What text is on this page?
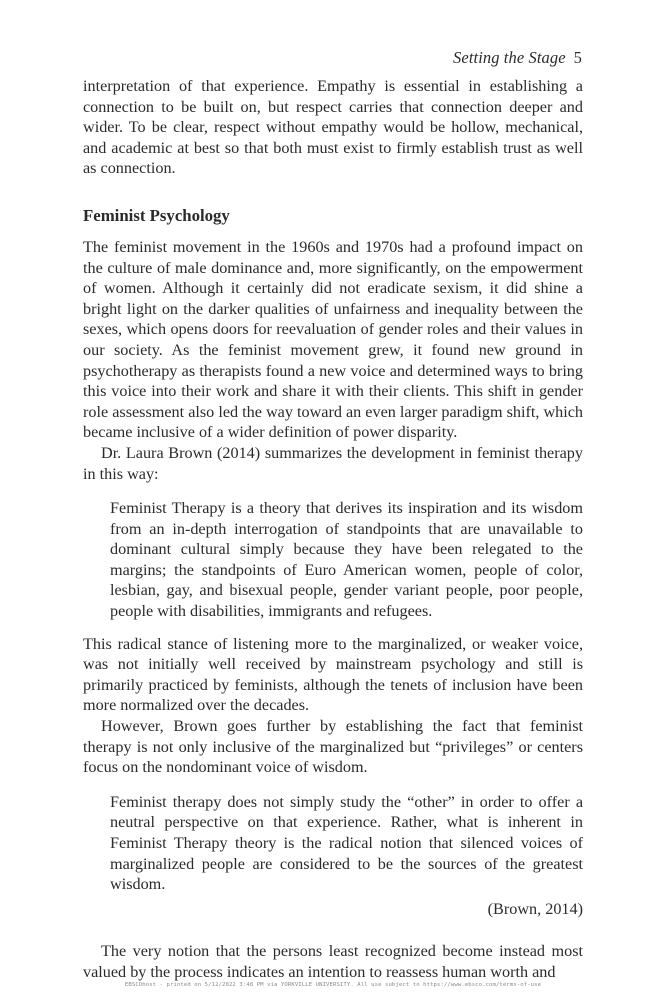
Setting the Stage 5

interpretation of that experience. Empathy is essential in establishing a connection to be built on, but respect carries that connection deeper and wider. To be clear, respect without empathy would be hollow, mechanical, and academic at best so that both must exist to firmly establish trust as well as connection.

Feminist Psychology

The feminist movement in the 1960s and 1970s had a profound impact on the culture of male dominance and, more significantly, on the empowerment of women. Although it certainly did not eradicate sexism, it did shine a bright light on the darker qualities of unfairness and inequality between the sexes, which opens doors for reevaluation of gender roles and their values in our society. As the feminist movement grew, it found new ground in psychotherapy as therapists found a new voice and determined ways to bring this voice into their work and share it with their clients. This shift in gender role assessment also led the way toward an even larger paradigm shift, which became inclusive of a wider definition of power disparity.

Dr. Laura Brown (2014) summarizes the development in feminist therapy in this way:

Feminist Therapy is a theory that derives its inspiration and its wisdom from an in-depth interrogation of standpoints that are unavailable to dominant cultural simply because they have been relegated to the margins; the standpoints of Euro American women, people of color, lesbian, gay, and bisexual people, gender variant people, poor people, people with disabilities, immigrants and refugees.

This radical stance of listening more to the marginalized, or weaker voice, was not initially well received by mainstream psychology and still is primarily practiced by feminists, although the tenets of inclusion have been more normalized over the decades.

However, Brown goes further by establishing the fact that feminist therapy is not only inclusive of the marginalized but “privileges” or centers focus on the nondominant voice of wisdom.

Feminist therapy does not simply study the “other” in order to offer a neutral perspective on that experience. Rather, what is inherent in Feminist Therapy theory is the radical notion that silenced voices of marginalized people are considered to be the sources of the greatest wisdom.

(Brown, 2014)

The very notion that the persons least recognized become instead most valued by the process indicates an intention to reassess human worth and

EBSCOhost - printed on 5/12/2022 3:48 PM via YORKVILLE UNIVERSITY. All use subject to https://www.ebsco.com/terms-of-use
